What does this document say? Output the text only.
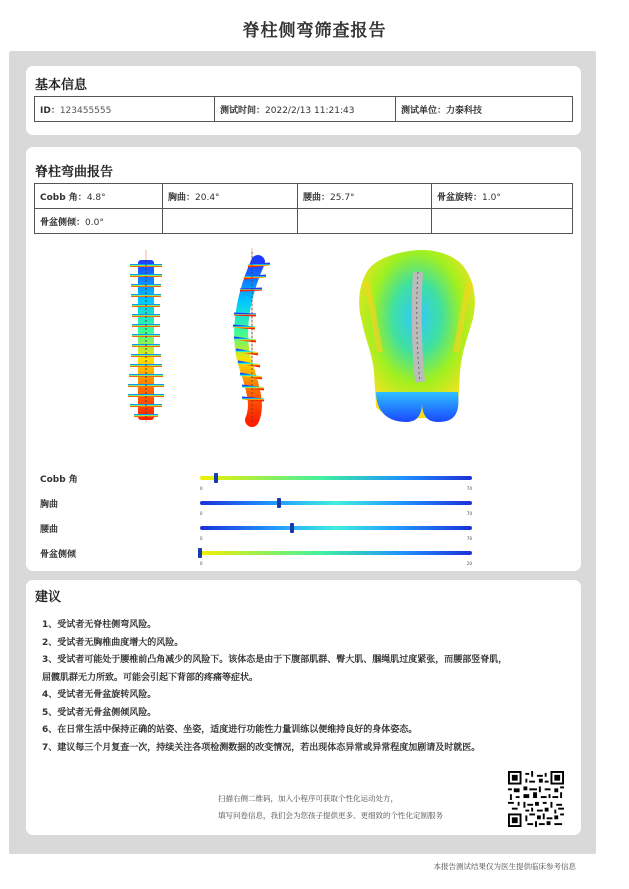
脊柱侧弯筛查报告
基本信息
ID：123455555	测试时间：2022/2/13 11:21:43	测试单位：力泰科技
脊柱弯曲报告
Cobb 角：4.8°	胸曲：20.4°	腰曲：25.7°	骨盆旋转：1.0°
骨盆侧倾：0.0°			
Cobb 角
0	70
胸曲
0	70
腰曲
0	70
骨盆侧倾
0	20
建议

1、受试者无脊柱侧弯风险。

2、受试者无胸椎曲度增大的风险。

3、受试者可能处于腰椎前凸角减少的风险下。该体态是由于下腹部肌群、臀大肌、腘绳肌过度紧张，而腰部竖脊肌，

屈髋肌群无力所致。可能会引起下背部的疼痛等症状。

4、受试者无骨盆旋转风险。

5、受试者无骨盆侧倾风险。

6、在日常生活中保持正确的站姿、坐姿，适度进行功能性力量训练以便维持良好的身体姿态。

7、建议每三个月复查一次，持续关注各项检测数据的改变情况，若出现体态异常或异常程度加剧请及时就医。

扫描右侧二维码，加入小程序可获取个性化运动处方，
填写问卷信息，我们会为您孩子提供更多、更细致的个性化定制服务
本报告测试结果仅为医生提供临床参考信息
